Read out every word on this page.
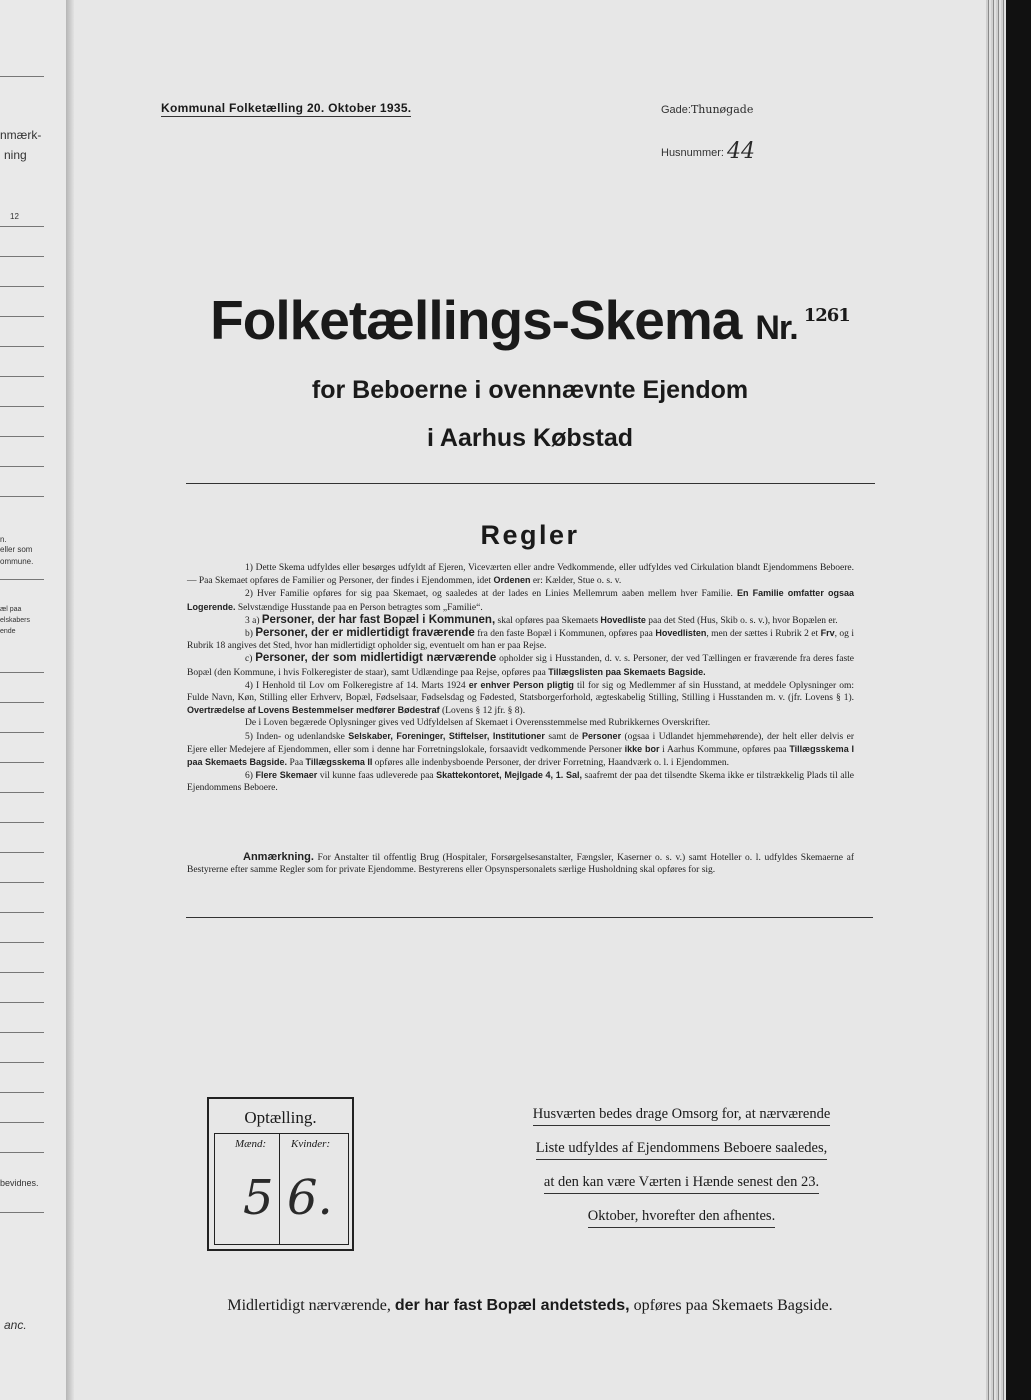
nmærk-
ning
12
n.
eller som
ommune.
æl paa
elskabers
ende
bevidnes.
anc.
Kommunal Folketælling 20. Oktober 1935.	Gade:Thunøgade
Husnummer: 44
Folketællings-Skema Nr. $^{1261}$
for Beboerne i ovennævnte Ejendom
i Aarhus Købstad
Regler

1) Dette Skema udfyldes eller besørges udfyldt af Ejeren, Viceværten eller andre Vedkommende, eller udfyldes ved Cirkulation blandt Ejendommens Beboere. — Paa Skemaet opføres de Familier og Personer, der findes i Ejendommen, idet Ordenen er: Kælder, Stue o. s. v.

2) Hver Familie opføres for sig paa Skemaet, og saaledes at der lades en Linies Mellemrum aaben mellem hver Familie. En Familie omfatter ogsaa Logerende. Selvstændige Husstande paa en Person betragtes som „Familie“.

3 a) Personer, der har fast Bopæl i Kommunen, skal opføres paa Skemaets Hovedliste paa det Sted (Hus, Skib o. s. v.), hvor Bopælen er.

b) Personer, der er midlertidigt fraværende fra den faste Bopæl i Kommunen, opføres paa Hovedlisten, men der sættes i Rubrik 2 et Frv, og i Rubrik 18 angives det Sted, hvor han midlertidigt opholder sig, eventuelt om han er paa Rejse.

c) Personer, der som midlertidigt nærværende opholder sig i Husstanden, d. v. s. Personer, der ved Tællingen er fraværende fra deres faste Bopæl (den Kommune, i hvis Folkeregister de staar), samt Udlændinge paa Rejse, opføres paa Tillægslisten paa Skemaets Bagside.

4) I Henhold til Lov om Folkeregistre af 14. Marts 1924 er enhver Person pligtig til for sig og Medlemmer af sin Husstand, at meddele Oplysninger om: Fulde Navn, Køn, Stilling eller Erhverv, Bopæl, Fødselsaar, Fødselsdag og Fødested, Statsborgerforhold, ægteskabelig Stilling, Stilling i Husstanden m. v. (jfr. Lovens § 1). Overtrædelse af Lovens Bestemmelser medfører Bødestraf (Lovens § 12 jfr. § 8).

De i Loven begærede Oplysninger gives ved Udfyldelsen af Skemaet i Overensstemmelse med Rubrikkernes Overskrifter.

5) Inden- og udenlandske Selskaber, Foreninger, Stiftelser, Institutioner samt de Personer (ogsaa i Udlandet hjemmehørende), der helt eller delvis er Ejere eller Medejere af Ejendommen, eller som i denne har Forretningslokale, forsaavidt vedkommende Personer ikke bor i Aarhus Kommune, opføres paa Tillægsskema I paa Skemaets Bagside. Paa Tillægsskema II opføres alle indenbysboende Personer, der driver Forretning, Haandværk o. l. i Ejendommen.

6) Flere Skemaer vil kunne faas udleverede paa Skattekontoret, Mejlgade 4, 1. Sal, saafremt der paa det tilsendte Skema ikke er tilstrækkelig Plads til alle Ejendommens Beboere.

Anmærkning. For Anstalter til offentlig Brug (Hospitaler, Forsørgelsesanstalter, Fængsler, Kaserner o. s. v.) samt Hoteller o. l. udfyldes Skemaerne af Bestyrerne efter samme Regler som for private Ejendomme. Bestyrerens eller Opsynspersonalets særlige Husholdning skal opføres for sig.

Optælling.
Mænd: Kvinder:
5 6.
Husværten bedes drage Omsorg for, at nærværende
Liste udfyldes af Ejendommens Beboere saaledes,
at den kan være Værten i Hænde senest den 23.
Oktober, hvorefter den afhentes.
Midlertidigt nærværende, der har fast Bopæl andetsteds, opføres paa Skemaets Bagside.
